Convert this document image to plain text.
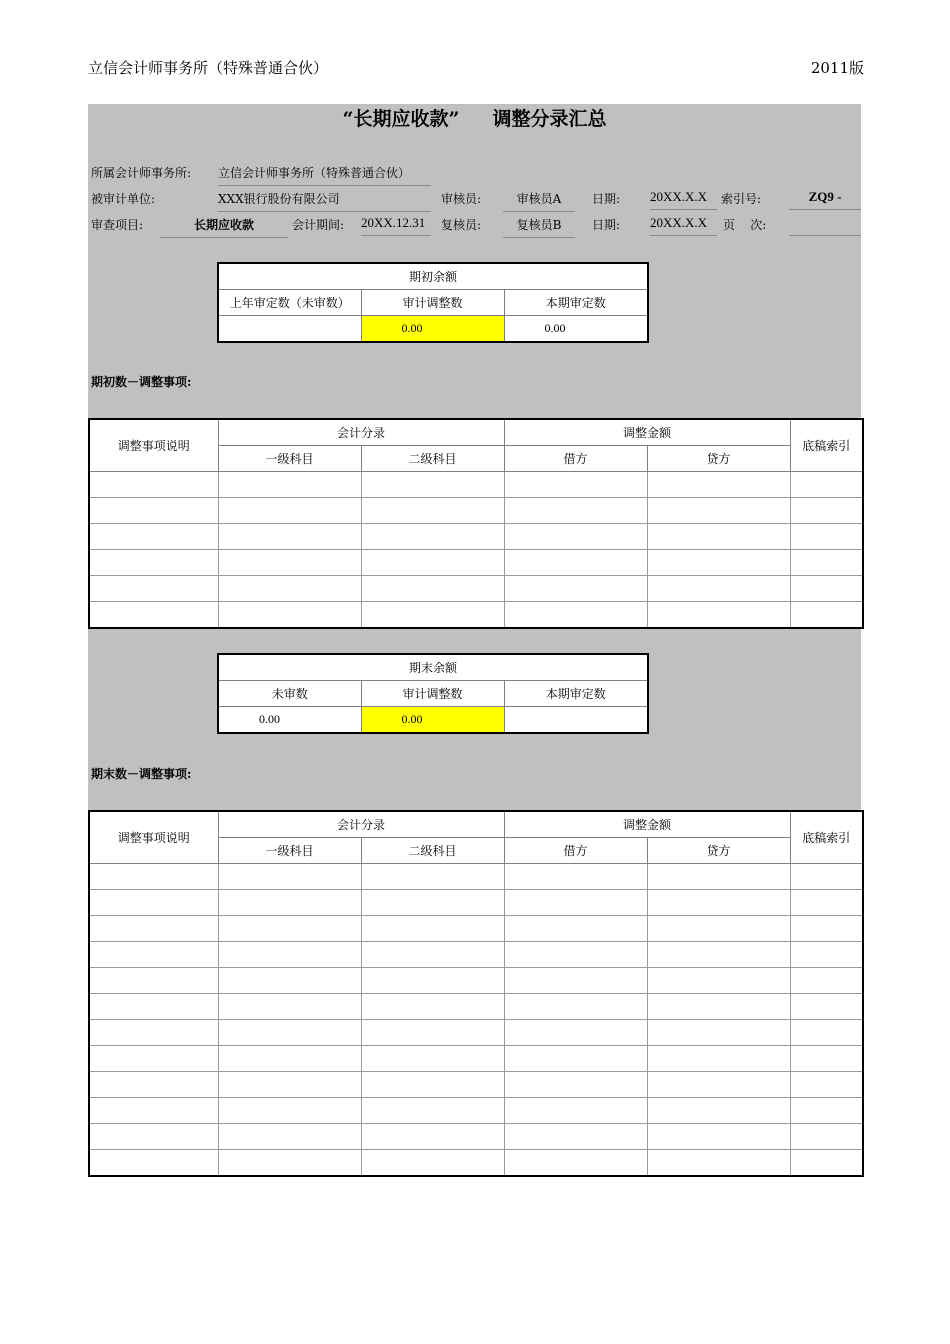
立信会计师事务所（特殊普通合伙）	2011版
“长期应收款”     调整分录汇总
所属会计师事务所: 立信会计师事务所（特殊普通合伙）
被审计单位:	XXX银行股份有限公司	审核员:	审核员A	日期: 20XX.X.X	索引号:	ZQ9 -
审查项目:	长期应收款	会计期间: 20XX.12.31	复核员:	复核员B	日期: 20XX.X.X	页    次:
期初余额		
上年审定数（未审数）	审计调整数	本期审定数
	0.00	0.00
期初数－调整事项:
调整事项说明	会计分录		调整金额		底稿索引
	一级科目	二级科目	借方	贷方	

期末余额		
未审数	审计调整数	本期审定数
0.00	0.00	
期末数－调整事项:
调整事项说明	会计分录		调整金额		底稿索引
	一级科目	二级科目	借方	贷方	
